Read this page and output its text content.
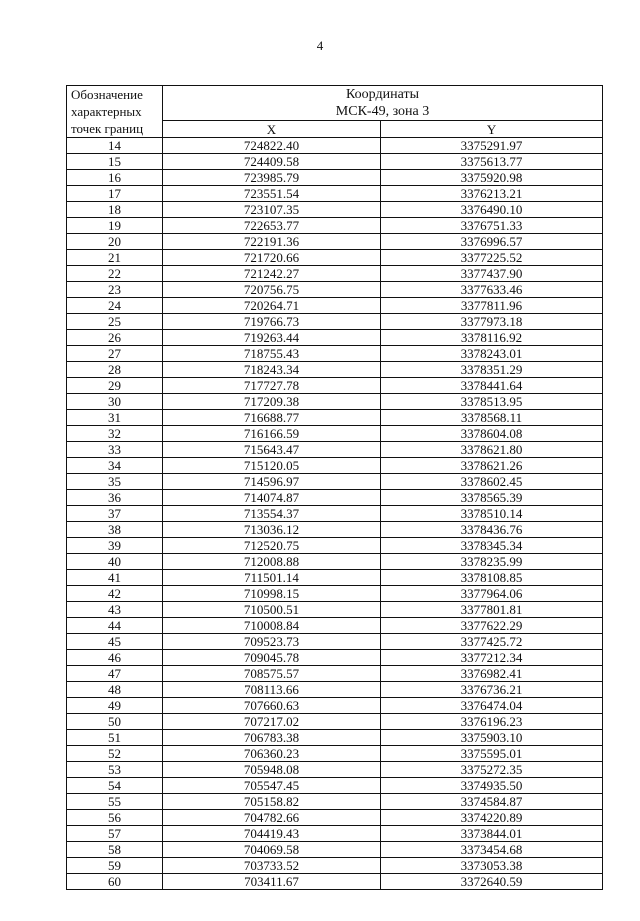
4
Обозначение
характерных
точек границ	Координаты
МСК-49, зона 3	

	X	Y
14	724822.40	3375291.97
15	724409.58	3375613.77
16	723985.79	3375920.98
17	723551.54	3376213.21
18	723107.35	3376490.10
19	722653.77	3376751.33
20	722191.36	3376996.57
21	721720.66	3377225.52
22	721242.27	3377437.90
23	720756.75	3377633.46
24	720264.71	3377811.96
25	719766.73	3377973.18
26	719263.44	3378116.92
27	718755.43	3378243.01
28	718243.34	3378351.29
29	717727.78	3378441.64
30	717209.38	3378513.95
31	716688.77	3378568.11
32	716166.59	3378604.08
33	715643.47	3378621.80
34	715120.05	3378621.26
35	714596.97	3378602.45
36	714074.87	3378565.39
37	713554.37	3378510.14
38	713036.12	3378436.76
39	712520.75	3378345.34
40	712008.88	3378235.99
41	711501.14	3378108.85
42	710998.15	3377964.06
43	710500.51	3377801.81
44	710008.84	3377622.29
45	709523.73	3377425.72
46	709045.78	3377212.34
47	708575.57	3376982.41
48	708113.66	3376736.21
49	707660.63	3376474.04
50	707217.02	3376196.23
51	706783.38	3375903.10
52	706360.23	3375595.01
53	705948.08	3375272.35
54	705547.45	3374935.50
55	705158.82	3374584.87
56	704782.66	3374220.89
57	704419.43	3373844.01
58	704069.58	3373454.68
59	703733.52	3373053.38
60	703411.67	3372640.59
